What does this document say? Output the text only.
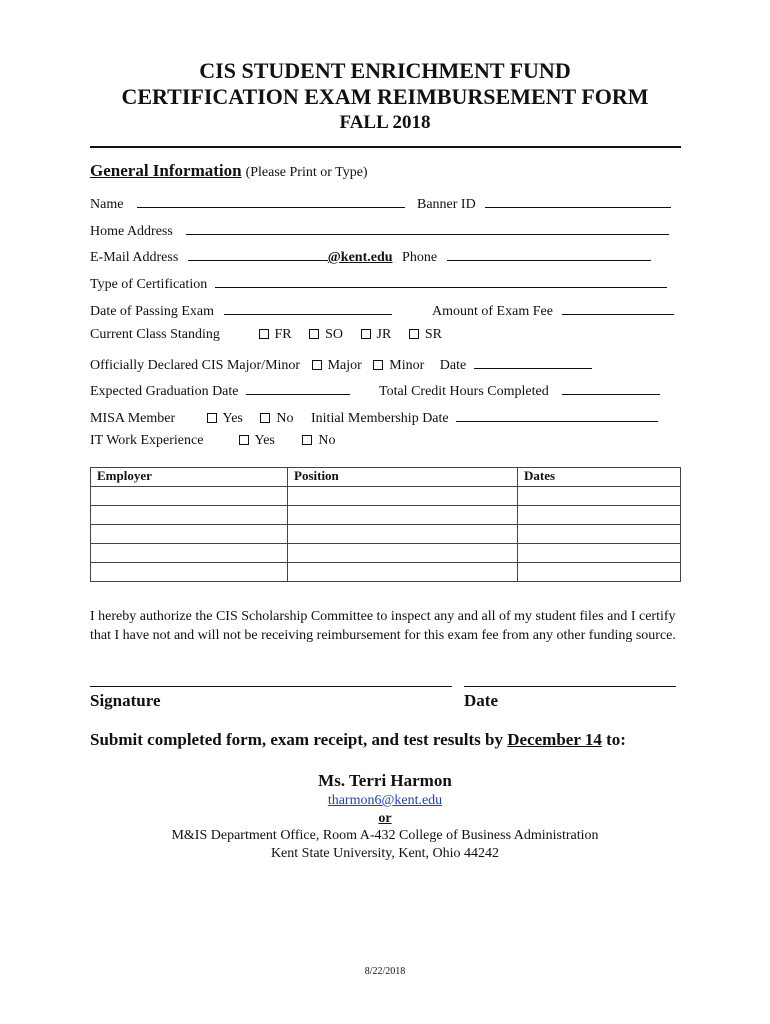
CIS STUDENT ENRICHMENT FUND
CERTIFICATION EXAM REIMBURSEMENT FORM
FALL 2018
General Information (Please Print or Type)
Name	Banner ID
Home Address
E-Mail Address	@kent.edu Phone
Type of Certification
Date of Passing Exam	Amount of Exam Fee
Current Class Standing	FR SO JR SR
Officially Declared CIS Major/Minor Major Minor Date
Expected Graduation Date	Total Credit Hours Completed
MISA Member	Yes No Initial Membership Date
IT Work Experience	Yes	No
Employer	Position	Dates

I hereby authorize the CIS Scholarship Committee to inspect any and all of my student files and I certify that I have not and will not be receiving reimbursement for this exam fee from any other funding source.
Signature	Date
Submit completed form, exam receipt, and test results by December 14 to:
Ms. Terri Harmon
tharmon6@kent.edu
or
M&IS Department Office, Room A-432 College of Business Administration
Kent State University, Kent, Ohio 44242
8/22/2018
